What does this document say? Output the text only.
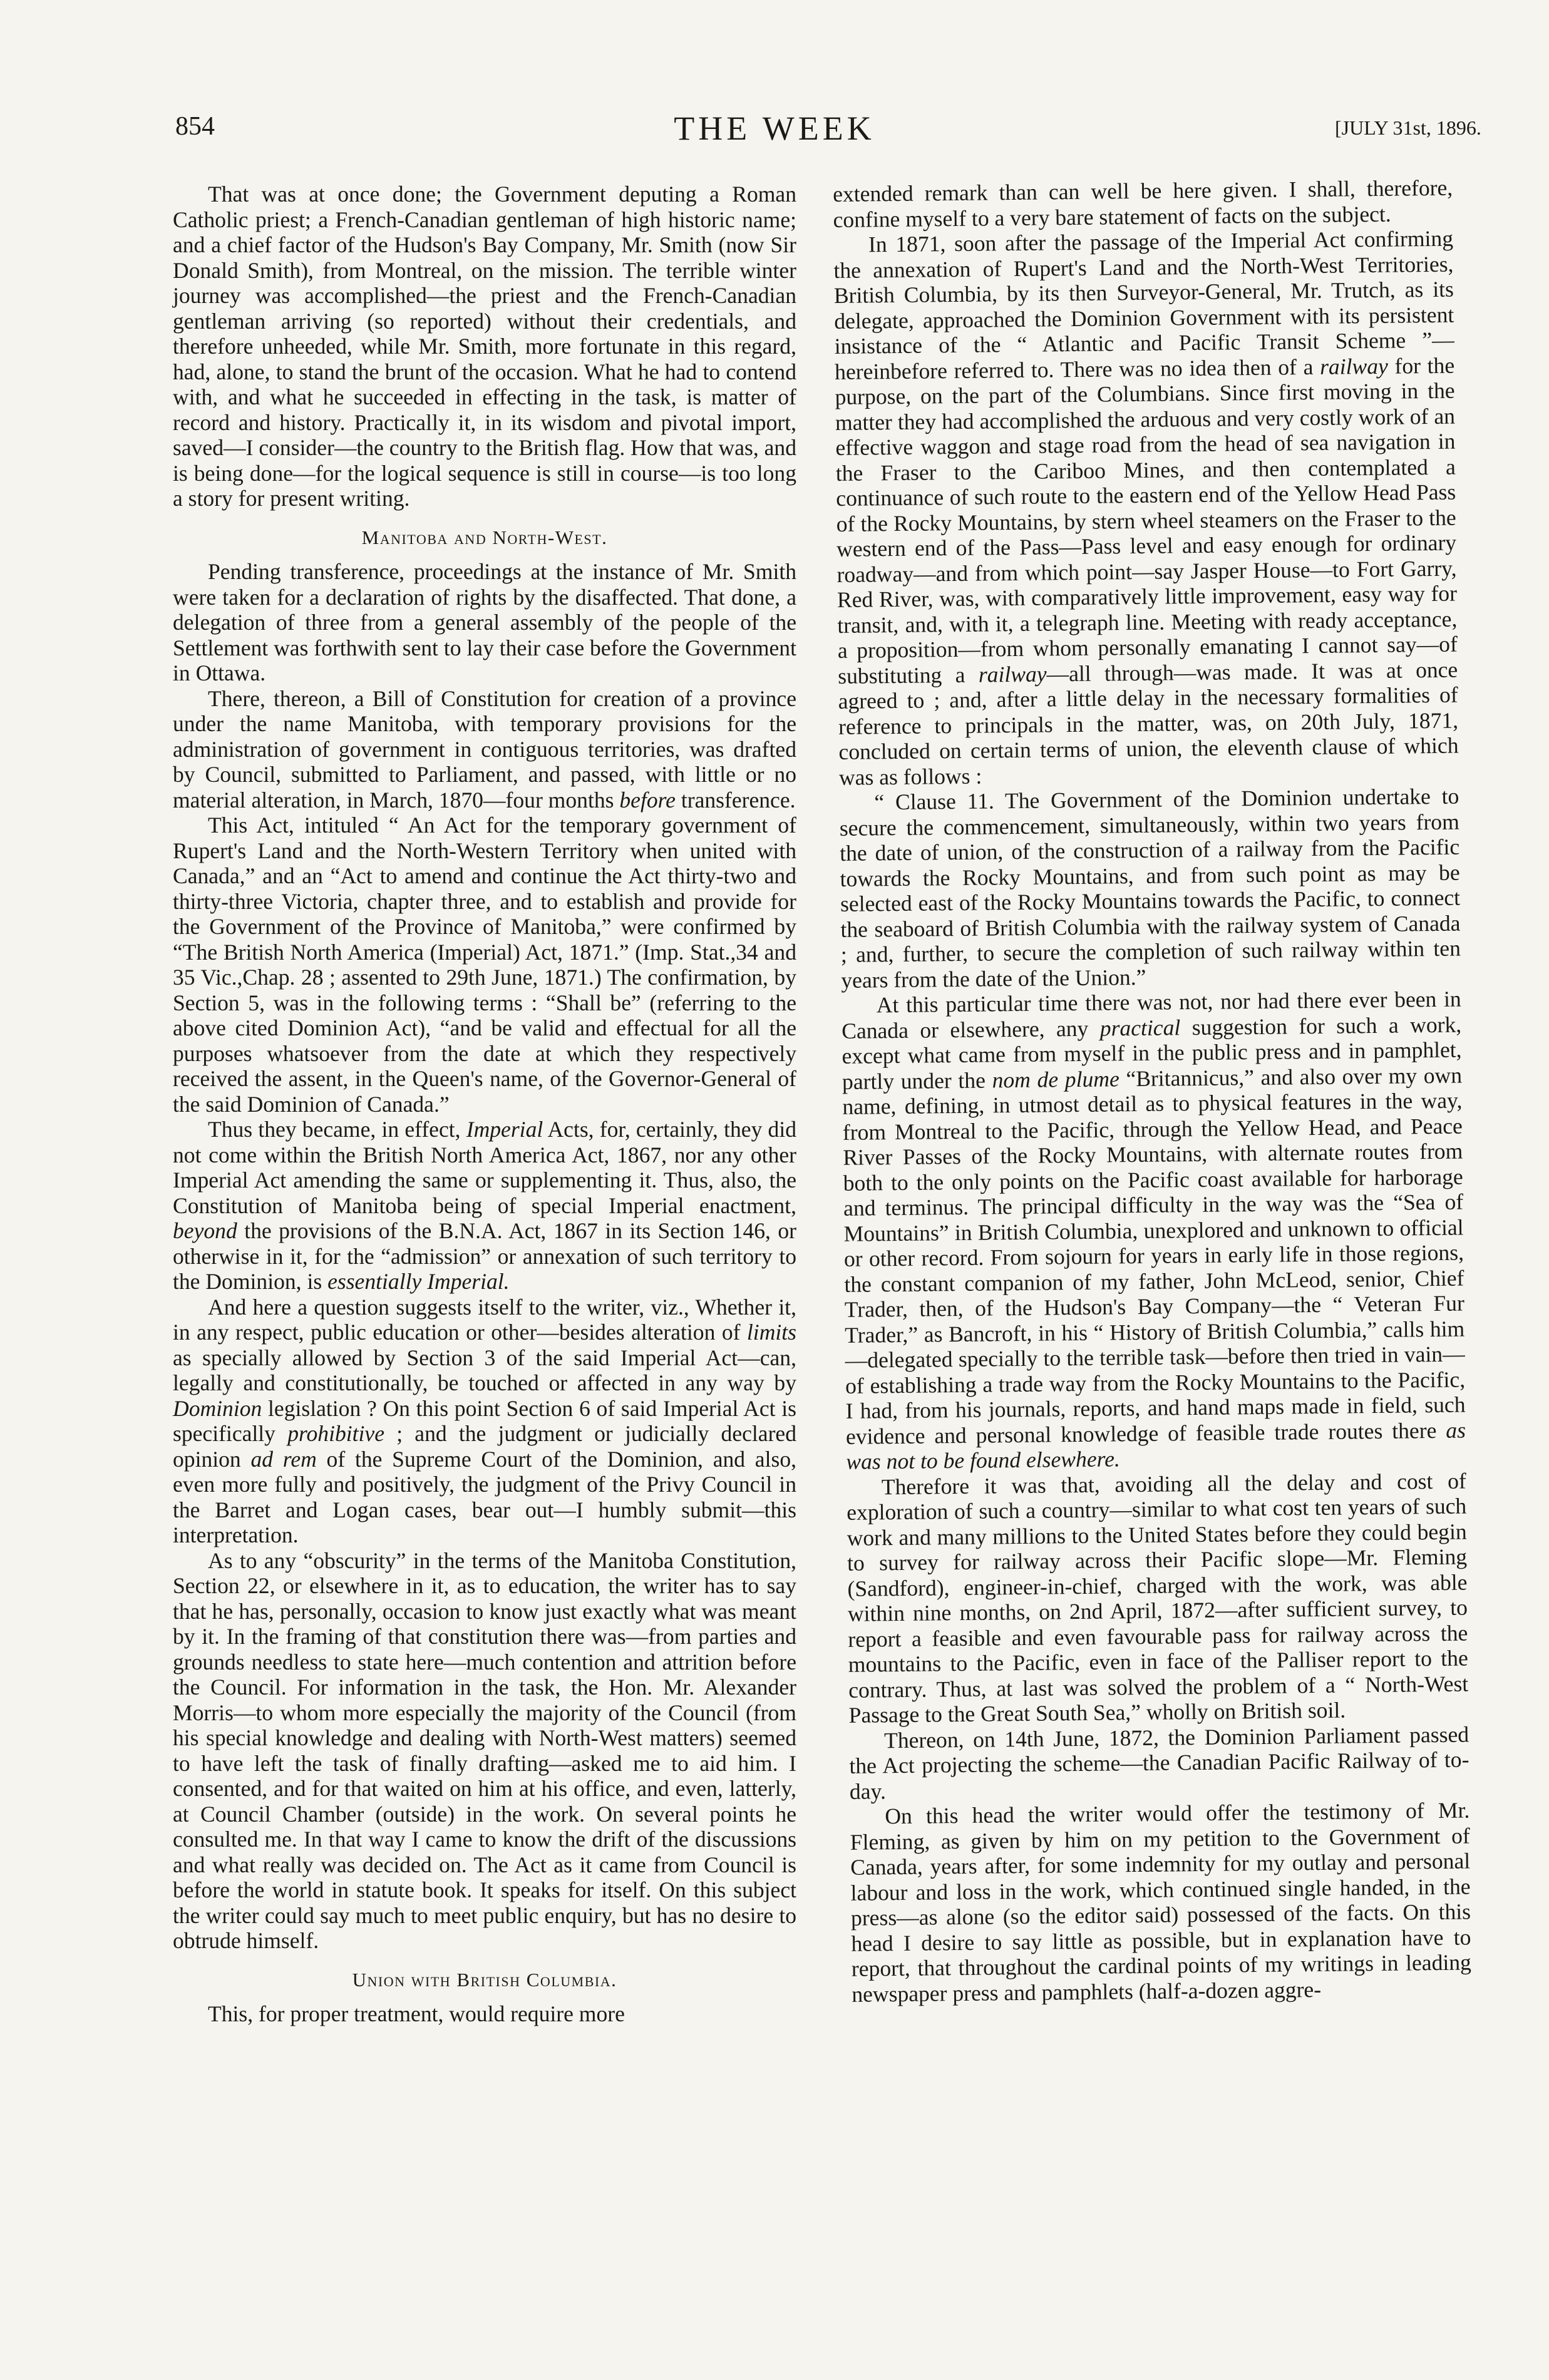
854	THE WEEK	[JULY 31st, 1896.

That was at once done; the Government deputing a Roman Catholic priest; a French-Canadian gentleman of high historic name; and a chief factor of the Hudson's Bay Company, Mr. Smith (now Sir Donald Smith), from Montreal, on the mission. The terrible winter journey was accomplished—the priest and the French-Canadian gentleman arriving (so reported) without their credentials, and therefore unheeded, while Mr. Smith, more fortunate in this regard, had, alone, to stand the brunt of the occasion. What he had to contend with, and what he succeeded in effecting in the task, is matter of record and history. Practically it, in its wisdom and pivotal import, saved—I consider—the country to the British flag. How that was, and is being done—for the logical sequence is still in course—is too long a story for present writing.

Manitoba and North-West.

Pending transference, proceedings at the instance of Mr. Smith were taken for a declaration of rights by the disaffected. That done, a delegation of three from a general assembly of the people of the Settlement was forthwith sent to lay their case before the Government in Ottawa.

There, thereon, a Bill of Constitution for creation of a province under the name Manitoba, with temporary provisions for the administration of government in contiguous territories, was drafted by Council, submitted to Parliament, and passed, with little or no material alteration, in March, 1870—four months before transference.

This Act, intituled “ An Act for the temporary government of Rupert's Land and the North-Western Territory when united with Canada,” and an “Act to amend and continue the Act thirty-two and thirty-three Victoria, chapter three, and to establish and provide for the Government of the Province of Manitoba,” were confirmed by “The British North America (Imperial) Act, 1871.” (Imp. Stat.,34 and 35 Vic.,Chap. 28 ; assented to 29th June, 1871.) The confirmation, by Section 5, was in the following terms : “Shall be” (referring to the above cited Dominion Act), “and be valid and effectual for all the purposes whatsoever from the date at which they respectively received the assent, in the Queen's name, of the Governor-General of the said Dominion of Canada.”

Thus they became, in effect, Imperial Acts, for, certainly, they did not come within the British North America Act, 1867, nor any other Imperial Act amending the same or supplementing it. Thus, also, the Constitution of Manitoba being of special Imperial enactment, beyond the provisions of the B.N.A. Act, 1867 in its Section 146, or otherwise in it, for the “admission” or annexation of such territory to the Dominion, is essentially Imperial.

And here a question suggests itself to the writer, viz., Whether it, in any respect, public education or other—besides alteration of limits as specially allowed by Section 3 of the said Imperial Act—can, legally and constitutionally, be touched or affected in any way by Dominion legislation ? On this point Section 6 of said Imperial Act is specifically prohibitive ; and the judgment or judicially declared opinion ad rem of the Supreme Court of the Dominion, and also, even more fully and positively, the judgment of the Privy Council in the Barret and Logan cases, bear out—I humbly submit—this interpretation.

As to any “obscurity” in the terms of the Manitoba Constitution, Section 22, or elsewhere in it, as to education, the writer has to say that he has, personally, occasion to know just exactly what was meant by it. In the framing of that constitution there was—from parties and grounds needless to state here—much contention and attrition before the Council. For information in the task, the Hon. Mr. Alexander Morris—to whom more especially the majority of the Council (from his special knowledge and dealing with North-West matters) seemed to have left the task of finally drafting—asked me to aid him. I consented, and for that waited on him at his office, and even, latterly, at Council Chamber (outside) in the work. On several points he consulted me. In that way I came to know the drift of the discussions and what really was decided on. The Act as it came from Council is before the world in statute book. It speaks for itself. On this subject the writer could say much to meet public enquiry, but has no desire to obtrude himself.

Union with British Columbia.

This, for proper treatment, would require more

extended remark than can well be here given. I shall, therefore, confine myself to a very bare statement of facts on the subject.

In 1871, soon after the passage of the Imperial Act confirming the annexation of Rupert's Land and the North-West Territories, British Columbia, by its then Surveyor-General, Mr. Trutch, as its delegate, approached the Dominion Government with its persistent insistance of the “ Atlantic and Pacific Transit Scheme ”—hereinbefore referred to. There was no idea then of a railway for the purpose, on the part of the Columbians. Since first moving in the matter they had accomplished the arduous and very costly work of an effective waggon and stage road from the head of sea navigation in the Fraser to the Cariboo Mines, and then contemplated a continuance of such route to the eastern end of the Yellow Head Pass of the Rocky Mountains, by stern wheel steamers on the Fraser to the western end of the Pass—Pass level and easy enough for ordinary roadway—and from which point—say Jasper House—to Fort Garry, Red River, was, with comparatively little improvement, easy way for transit, and, with it, a telegraph line. Meeting with ready acceptance, a proposition—from whom personally emanating I cannot say—of substituting a railway—all through—was made. It was at once agreed to ; and, after a little delay in the necessary formalities of reference to principals in the matter, was, on 20th July, 1871, concluded on certain terms of union, the eleventh clause of which was as follows :

“ Clause 11. The Government of the Dominion undertake to secure the commencement, simultaneously, within two years from the date of union, of the construction of a railway from the Pacific towards the Rocky Mountains, and from such point as may be selected east of the Rocky Mountains towards the Pacific, to connect the seaboard of British Columbia with the railway system of Canada ; and, further, to secure the completion of such railway within ten years from the date of the Union.”

At this particular time there was not, nor had there ever been in Canada or elsewhere, any practical suggestion for such a work, except what came from myself in the public press and in pamphlet, partly under the nom de plume “Britannicus,” and also over my own name, defining, in utmost detail as to physical features in the way, from Montreal to the Pacific, through the Yellow Head, and Peace River Passes of the Rocky Mountains, with alternate routes from both to the only points on the Pacific coast available for harborage and terminus. The principal difficulty in the way was the “Sea of Mountains” in British Columbia, unexplored and unknown to official or other record. From sojourn for years in early life in those regions, the constant companion of my father, John McLeod, senior, Chief Trader, then, of the Hudson's Bay Company—the “ Veteran Fur Trader,” as Bancroft, in his “ History of British Columbia,” calls him—delegated specially to the terrible task—before then tried in vain—of establishing a trade way from the Rocky Mountains to the Pacific, I had, from his journals, reports, and hand maps made in field, such evidence and personal knowledge of feasible trade routes there as was not to be found elsewhere.

Therefore it was that, avoiding all the delay and cost of exploration of such a country—similar to what cost ten years of such work and many millions to the United States before they could begin to survey for railway across their Pacific slope—Mr. Fleming (Sandford), engineer-in-chief, charged with the work, was able within nine months, on 2nd April, 1872—after sufficient survey, to report a feasible and even favourable pass for railway across the mountains to the Pacific, even in face of the Palliser report to the contrary. Thus, at last was solved the problem of a “ North-West Passage to the Great South Sea,” wholly on British soil.

Thereon, on 14th June, 1872, the Dominion Parliament passed the Act projecting the scheme—the Canadian Pacific Railway of to-day.

On this head the writer would offer the testimony of Mr. Fleming, as given by him on my petition to the Government of Canada, years after, for some indemnity for my outlay and personal labour and loss in the work, which continued single handed, in the press—as alone (so the editor said) possessed of the facts. On this head I desire to say little as possible, but in explanation have to report, that throughout the cardinal points of my writings in leading newspaper press and pamphlets (half-a-dozen aggre-
